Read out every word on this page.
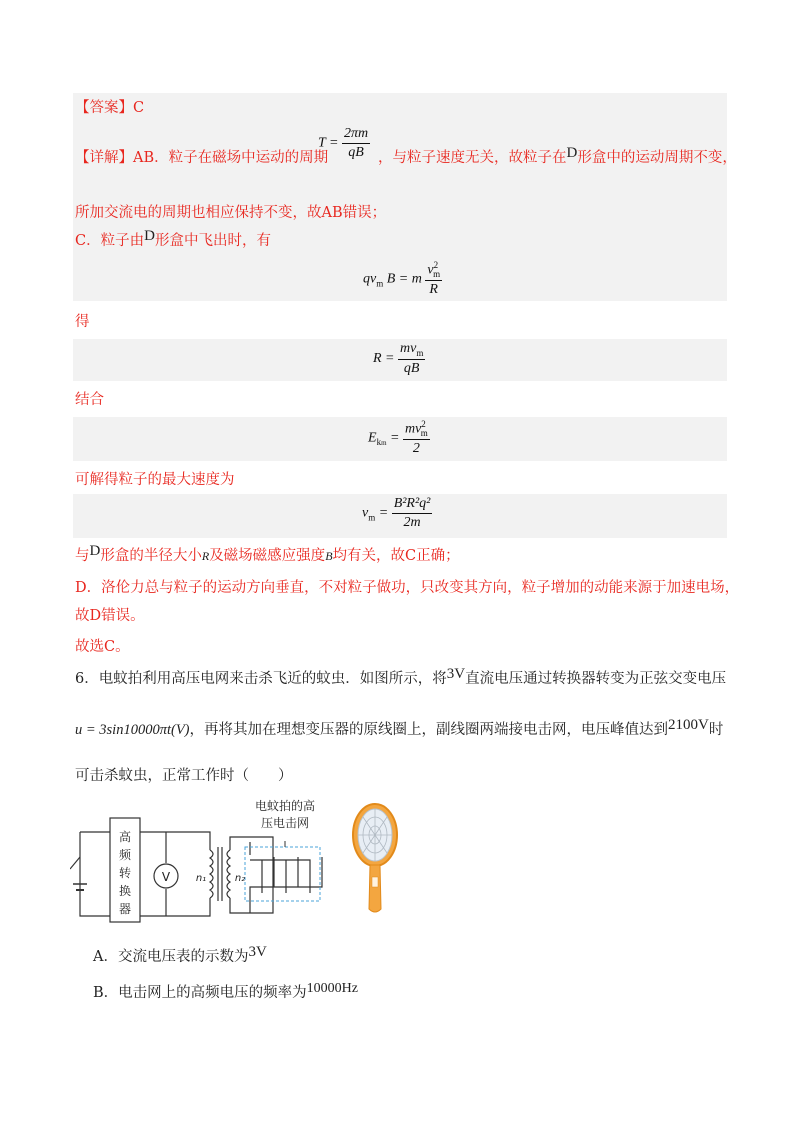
【答案】C
【详解】AB．粒子在磁场中运动的周期
$T = \frac{2\pi m}{qB}$ ，与粒子速度无关，故粒子在D形盒中的运动周期不变，
所加交流电的周期也相应保持不变，故AB错误；
C．粒子由D形盒中飞出时，有
$qv_m$ B = m $\frac{v^2_m}{R}$
得
$R = \frac{mv_m}{qB}$
结合
$E_{km} = \frac{mv^2_m}{2}$
可解得粒子的最大速度为
$v_m = \frac{\text{B²R²q²}}{2m}$
与D形盒的半径大小R及磁场磁感应强度B均有关，故C正确；
D．洛伦力总与粒子的运动方向垂直，不对粒子做功，只改变其方向，粒子增加的动能来源于加速电场，
故D错误。
故选C。
6．电蚊拍利用高压电网来击杀飞近的蚊虫．如图所示，将3V直流电压通过转换器转变为正弦交变电压
u = 3sin10000πt(V)，再将其加在理想变压器的原线圈上，副线圈两端接电击网，电压峰值达到2100V时
可击杀蚊虫，正常工作时（　　）
高
频
转
换
器
V	n₁	n₂
电蚊拍的高
压电击网
A．交流电压表的示数为3V
B．电击网上的高频电压的频率为10000Hz
